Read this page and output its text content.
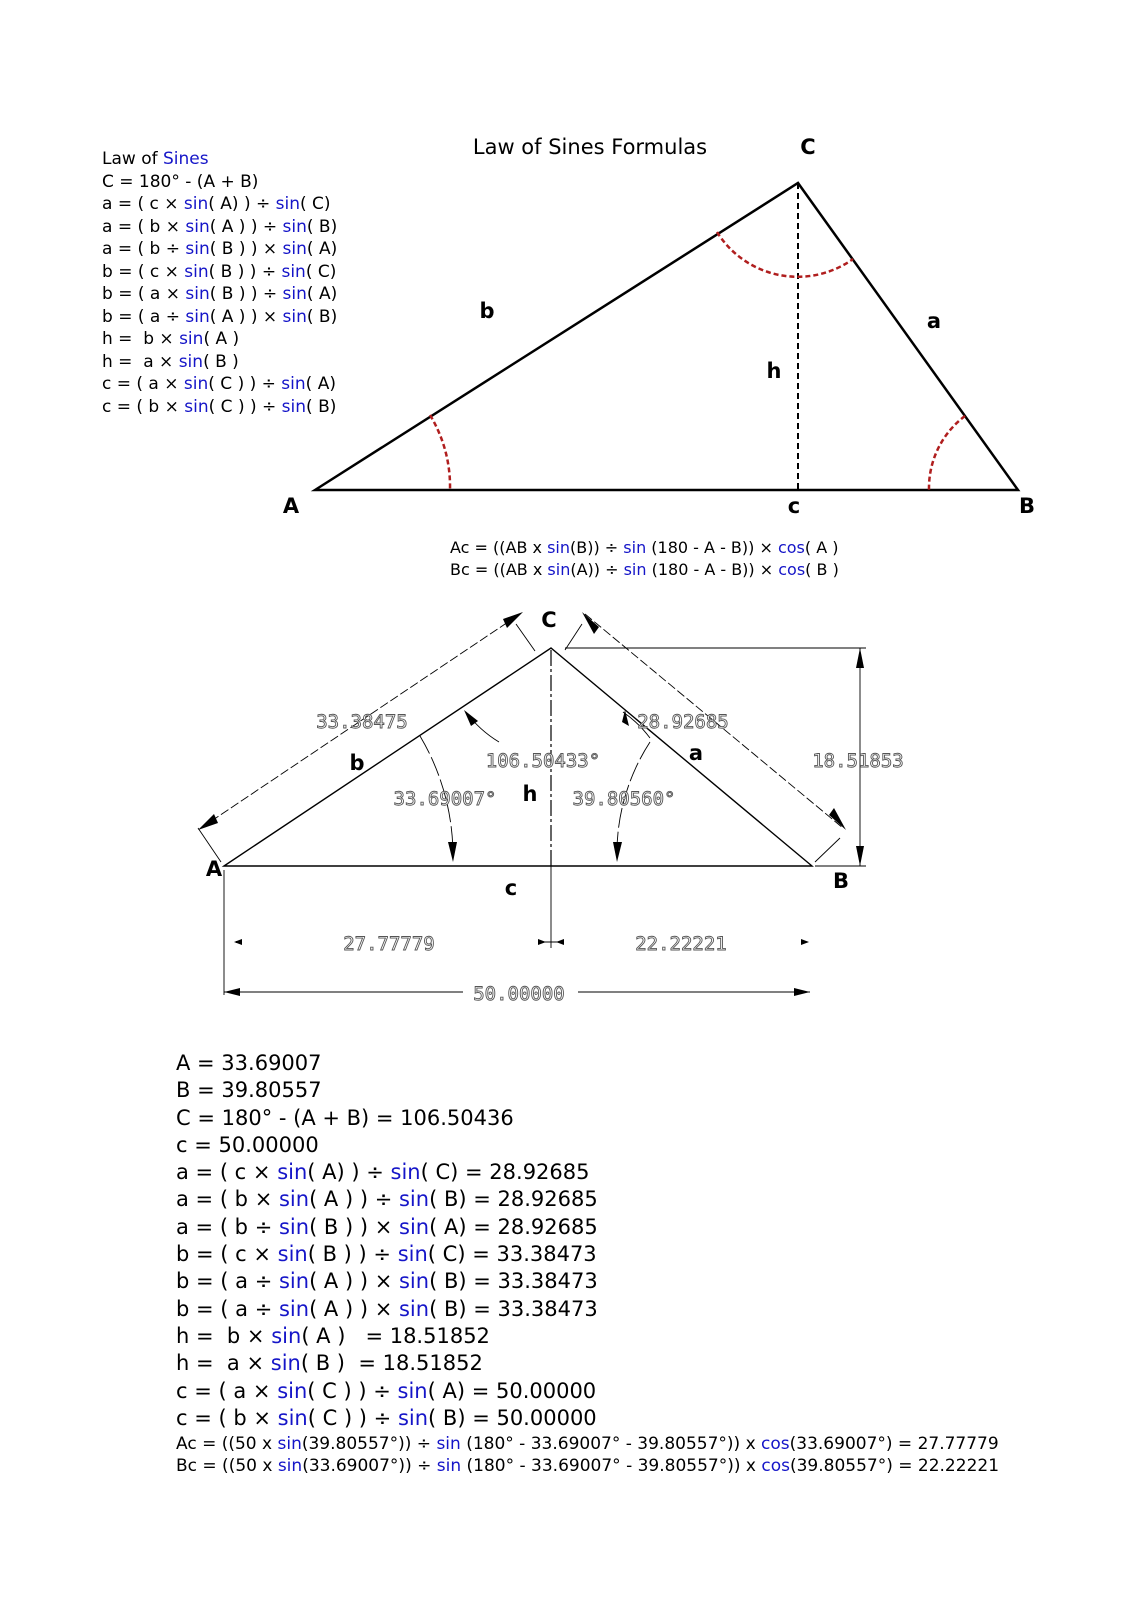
Law of Sines
C = 180° - (A + B)
a = ( c × sin( A) ) ÷ sin( C)
a = ( b × sin( A ) ) ÷ sin( B)
a = ( b ÷ sin( B ) ) × sin( A)
b = ( c × sin( B ) ) ÷ sin( C)
b = ( a × sin( B ) ) ÷ sin( A)
b = ( a ÷ sin( A ) ) × sin( B)
h =  b × sin( A )
h =  a × sin( B )
c = ( a × sin( C ) ) ÷ sin( A)
c = ( b × sin( C ) ) ÷ sin( B)
Law of Sines Formulas
A	B
C
b	a
c
h
A	B
C
b	a
c
h
33.38475	28.92685
18.51853
106.50433°
33.69007°	39.80560°
27.77779	22.22221
50.00000
Ac = ((AB x sin(B)) ÷ sin (180 - A - B)) × cos( A )
Bc = ((AB x sin(A)) ÷ sin (180 - A - B)) × cos( B )
A = 33.69007
B = 39.80557
C = 180° - (A + B) = 106.50436
c = 50.00000
a = ( c × sin( A) ) ÷ sin( C) = 28.92685
a = ( b × sin( A ) ) ÷ sin( B) = 28.92685
a = ( b ÷ sin( B ) ) × sin( A) = 28.92685
b = ( c × sin( B ) ) ÷ sin( C) = 33.38473
b = ( a ÷ sin( A ) ) × sin( B) = 33.38473
b = ( a ÷ sin( A ) ) × sin( B) = 33.38473
h =  b × sin( A )   = 18.51852
h =  a × sin( B )  = 18.51852
c = ( a × sin( C ) ) ÷ sin( A) = 50.00000
c = ( b × sin( C ) ) ÷ sin( B) = 50.00000
Ac = ((50 x sin(39.80557°)) ÷ sin (180° - 33.69007° - 39.80557°)) x cos(33.69007°) = 27.77779
Bc = ((50 x sin(33.69007°)) ÷ sin (180° - 33.69007° - 39.80557°)) x cos(39.80557°) = 22.22221
